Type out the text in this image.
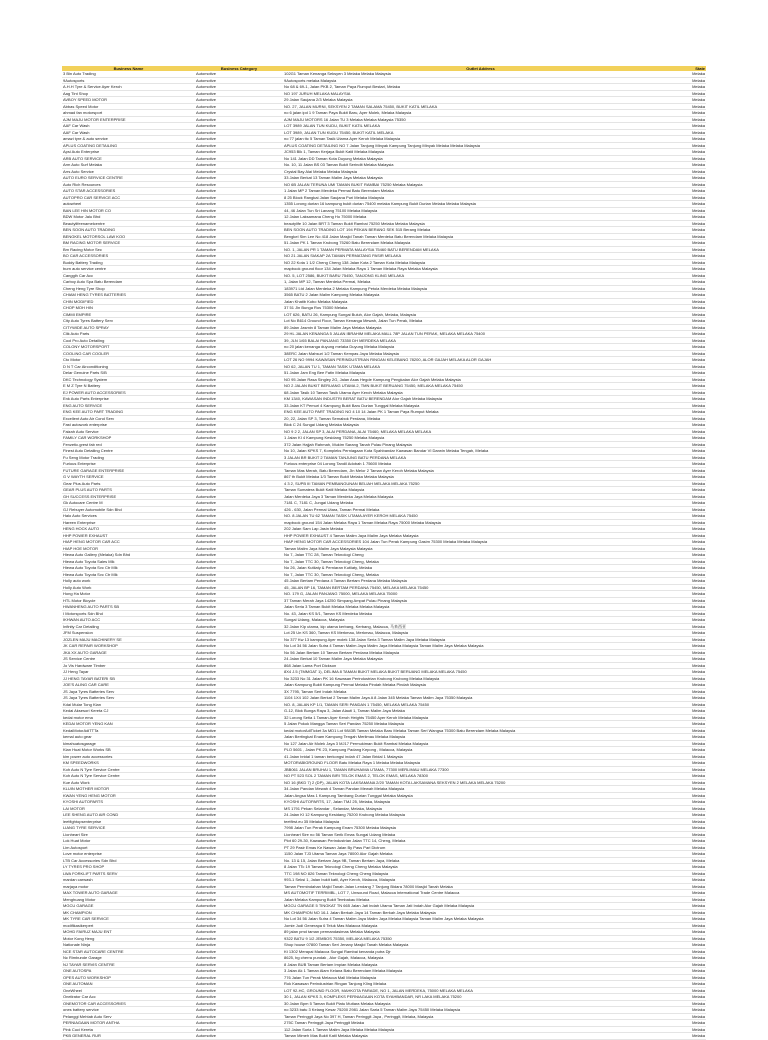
Business Name	Business Category	Outlet Address	State
3 Bin Auto Trading	Automotive	102G1 Taman Kenanga Seksyen 3 Melaka Melaka Malaysia	Melaka
9Autosports	Automotive	9Autosports melaka Malaysia	Melaka
A.H.H Tyre & Service Ayer Keroh	Automotive	No 68 & 69-1, Jalan PKB 2, Taman Paya Rumput Bestari, Melaka	Melaka
Aag Tint Shop	Automotive	NO 197 JURUH MELAKA MALAYSIA	Melaka
AVBOY SPEED MOTOR	Automotive	29 Jalan Saujana 2/3 Melaka Malaysia	Melaka
Abbas Speed Motor	Automotive	NO. 27, JALAN MURNI, SEKSYEN 2 TAMAN SALAMA 75450, BUKIT KATIL MELAKA	Melaka
ahmad fan motorsport	Automotive	no 6 jalan ipd 1 9 Taman Paya Bukit Baru, Ayer Molek, Melaka Malaysia	Melaka
AJM MAJU MOTOR ENTERPRISE	Automotive	AJM MAJU MOTORS 16 Jalan TU 3 Melaka Melaka Malaysia 75350	Melaka
AAF Car Wash	Automotive	LOT 3989 JALAN TUN KUDU, BUKIT KATIL MELAKA	Melaka
AAF Car Wash	Automotive	LOT 3989, JALAN TUN KUDU 75450, BUKIT KATIL MELAKA	Melaka
amazi tyre & auto service	Automotive	no 77 jalan ttc 5 Taman Tasik Utama Ayer Keroh Melaka Malaysia	Melaka
APLUS COATING DETAILING	Automotive	APLUS COATING DETAILING NO 7 Jalan Tanjung Minyak Kampung Tanjung Minyak Melaka Melaka Malaysia	Melaka
Apsi Auto Enterprise	Automotive	JC953 Blk 1, Taman Kerjaya Bukit Katil Melaka Malaysia	Melaka
ARB AUTO SERVICE	Automotive	No 141 Jalan DD Taman Kota Duyung Melaka Malaysia	Melaka
Arm Auto Surf Melaka	Automotive	No. 10, 11 Jalan BS 03 Taman Bukit Serindit Melaka Malaysia	Melaka
Arrs Auto Service	Automotive	Crystal Bay Alai Melaka Melaka Malaysia	Melaka
AUTO EURO SERVICE CENTRE	Automotive	33 Jalan Berkat 13 Taman Malim Jaya Melaka Malaysia	Melaka
Auto Rich Resources	Automotive	NO 6B JALAN TERUNA UMI TAMAN BUKIT RAMBAI 75250 Melaka Malaysia	Melaka
AUTO STAR ACCESSORIES	Automotive	1 Jalan MP 2 Taman Merdeka Permai Batu Berendam Melaka	Melaka
AUTOPRO CAR SERVICE ACC	Automotive	8 25 Block Rangkai Jalan Saujana Puri Melaka Malaysia	Melaka
autowheel	Automotive	1355 Lorong durian 16 kampung bukit durian 75400 melaka Kampung Bukit Durian Melaka Melaka Malaysia	Melaka
BAN LEE HIN MOTOR CO	Automotive	44, 46 Jalan Tun Sri Lanang 75100 Melaka Malaysia	Melaka
BDW Motor Jalu Bhd	Automotive	12 Jalan Laksamana Cheng Ho 75000 Melaka	Melaka
Beautylifeenamelcentre	Automotive	beautylife 10 Jalan BRT 3 Taman Bukit Rambai 75250 Melaka Melaka Malaysia	Melaka
BEN SOON AUTO TRADING	Automotive	BEN SOON AUTO TRADING LOT 194 PEKAN BERANG SEK 515 Berang Melaka	Melaka
BENGKEL MOTORSOL LAW KOO	Automotive	Bengkel Sim Lee No 418 Jalan Masjid Tanah Taman Merdeka Batu Berendam Melaka Malaysia	Melaka
BM RACING MOTOR SERVICE	Automotive	51 Jalan PK 1 Taman Krubong 75260 Batu Berendam Melaka Malaysia	Melaka
Bm Racing Motor Sec	Automotive	NO. 1, JALAN PR 1 TAMAN PERMATA MALAYSIA 75460 BATU BERENDAM MELAKA	Melaka
BO CAR ACCESSORIES	Automotive	NO 21 JALAN SIAKAP 2A TAMAN PERMATANG PASIR MELAKA	Melaka
Buddy Battery Trading	Automotive	NO 22 Kota 1 1/2 Cheng Cheng 138 Jalan Kota 2 Taman Kota Melaka Malaysia	Melaka
burn auto service centre	Automotive	mapbook ground floor 134 Jalan Melaka Raya 1 Taman Melaka Raya Melaka Malaysia	Melaka
Canggih Car Acc	Automotive	NO. 5, LOT 2586, BUKIT BARU 75450, TANJONG KLING MELAKA	Melaka
Carboy Auto Spa Batu Berendam	Automotive	1, Jalan MP 12, Taman Merdeka Permai, Melaka	Melaka
Cheng Heng Tyre Shop	Automotive	183971 Ltd Jalan Merdeka 2 Melaka Kampung Petola Merdeka Melaka Malaysia	Melaka
CHIAM HENG TYRES BATTERIES	Automotive	3565 BATU 2 Jalan Malim Kampong Melaka Malaysia	Melaka
CHIN MODIFIED	Automotive	Jalan Khatib Kobo Melaka Malaysia	Melaka
CHOP MOH HIN	Automotive	37 51 Jln Bunga Ros 75300 Melaka	Melaka
CIMMI EMPIRE	Automotive	LOT 626, BATU 26, Kampung Sungai Buluh, Alor Gajah, Melaka, Malaysia	Melaka
City Auto Tyres Battery Serv	Automotive	Lot No B614 Ground Floor, Taman Kenanga Mewah, Jalan Tun Perak, Melaka	Melaka
CITYWIDE AUTO SPRAY	Automotive	89 Jalan Jasmin 8 Taman Malim Jaya Melaka Malaysia	Melaka
Clik Auto Parts	Automotive	29 HL JALAN KENANGA 5 JALAN IBRAHIM MELAKA MALL 78P JALAN TUN PERAK, MELAKA MELAKA 75400	Melaka
Cool Pro Auto Detailing	Automotive	39, JLN 1/65 BALAI PANJANG 73350 DH MERDEKA MELAKA	Melaka
COLONY MOTORSPORT	Automotive	no 20 jalan kenanga duyung melaka Duyung Melaka Malaysia	Melaka
COOLING CAR COOLER	Automotive	38ERC Jalan Mahsuri 1/2 Taman Kempas Jaya Melaka Malaysia	Melaka
Cto Motor	Automotive	LOT 26 NO 9994 KAWASAN PERINDUSTRIAN RINGAN KELEBANG 78200, ALOR GAJAH MELAKA ALOR GAJAH	Melaka
D N T Car Airconditioning	Automotive	NO 62, JALAN TU 1, TAMAN TASIK UTAMA MELAKA	Melaka
Delar Genuine Parts S/B	Automotive	51 Jalan Jam Eng Bee Fatin Melaka Malaysia	Melaka
DKC Technology System	Automotive	NO 95 Jalan Rasa Singley 2G, Jalan Asas Hegde Kampung Pengkalan Alor Gajah Melaka Malaysia	Melaka
E M Z Tyre N Battery	Automotive	NO 2 JALAN BUKIT BERUANG UTAMA 2, TMN BUKIT BERUANG 75450, MELAKA MELAKA 75450	Melaka
EJ POWER AUTO ACCESSORIES	Automotive	68 Jalan Tasik 10 Taman Tasik Utama Ayer Keroh Melaka Malaysia	Melaka
Enk Auto Parts Enterprise	Automotive	KM 1340, KAWASAN INDUSTRI BERAT BATU BERENDAM Alor Gajah Melaka Malaysia	Melaka
ENG AUTO SERVICE	Automotive	33 Jalan KT Pemuri 4 Kampung Bukit Baru Durian Tunggal Melaka Malaysia	Melaka
ENG KEE AUTO PART TRADING	Automotive	ENG KEE AUTO PART TRADING NO 4 10 14 Jalan PK 1 Taman Paya Rumput Melaka	Melaka
Excellent Auto Air Cond Serv	Automotive	20, 22, Jalan SP 3, Taman Semabok Perdana, Melaka	Melaka
Fast autowork enterprise	Automotive	Blok C 24 Sungai Udang Melaka Malaysia	Melaka
Faizah Auto Service	Automotive	NO 9 2 2, JALAN SP 3, ALAI PERDANA, ALAI 75460, MELAKA MELAKA MELAKA	Melaka
FAMILY CAR WORKSHOP	Automotive	1 Jalan KI 4 Kampung Kesidang 75250 Melaka Malaysia	Melaka
Fenzetic.grest fab red	Automotive	372 Jalan Hajjah Rahmah, Mukim Sarang Tanah Pulau Pinang Malaysia	Melaka
Finest Auto Detailing Centre	Automotive	No 10, Jalan KPKS 7, Kompleks Perniagaan Kota Syahbandar Kawasan Bandar VI Darwin Melaka Tengah, Melaka	Melaka
Fu Seng Motor Trading	Automotive	3 JALAN BR BUKIT 2 TAMAN TANJUNG BATU PERDANA MELAKA	Melaka
Furious Enterprise	Automotive	Furious enterprise 04 Lorong Tandil Adobah 1 75600 Melaka	Melaka
FUTURE GARAGE ENTERPRISE	Automotive	Taman Mas Merah, Batu Berendam, Jln Melor 2 Taman Ayer Keroh Melaka Malaysia	Melaka
G V WAYTH SERVICE	Automotive	867 th Bukit Melaka 1/3 Taman Bukit Melaka Melaka Malaysia	Melaka
Gear Plus Auto Parts	Automotive	4 3 2, SUPB III TAMAN PEMBANGUNAN BELIAH MELAKA MELAKA 75250	Melaka
GEAR PLUS AUTO PARTS	Automotive	Taman Sumatera Bukit Katil Melaka Malaysia	Melaka
GH SUCCESS ENTERPRISE	Automotive	Jalan Merdeka Jaya 3 Taman Merdeka Jaya Melaka Malaysia	Melaka
Gk Autocare Centre M	Automotive	7181 C, 7181 C, Jungai Udang Melaka	Melaka
GJ Rebuyer Automobile Sdn Bhd	Automotive	426 - 630, Jalan Permai Utara, Taman Permai Melaka	Melaka
Halo Auto Services	Automotive	NO. 8 JALAN TU 62 TAMAN TASIK UTAMA AYER KEROH MELAKA 75450	Melaka
Hareen Enterprise	Automotive	mapbook ground 154 Jalan Melaka Raya 1 Taman Melaka Raya 75000 Melaka Malaysia	Melaka
HENG HOCK AUTO	Automotive	202 Jalan Sam Lap Jasin Melaka	Melaka
HHP POWER EXHAUST	Automotive	HHP POWER EXHAUST 4 Taman Malim Jaya Malim Jaya Melaka Malaysia	Melaka
HIAP HENG MOTOR CAR ACC	Automotive	HIAP HENG MOTOR CAR ACCESSORIES 104 Jalan Tun Perak Kampung Gasim 75300 Melaka Melaka Malaysia	Melaka
HIAP HOE MOTOR	Automotive	Taman Malim Jaya Malim Jaya Malaysia Malaysia	Melaka
Hiewa Auto Gallery (Melaka) Sdn Bhd	Automotive	No 7, Jalan TTC 28, Taman Teknologi Cheng	Melaka
Hiewa Auto Toyota Sales Mlk	Automotive	No 7, Jalan TTC 30, Taman Teknologi Cheng, Melaka	Melaka
Hiewa Auto Toyota Svc Ctr Mlk	Automotive	No 26, Jalan Kutiiaty & Perniaran Kutiiaty, Melaka	Melaka
Hiewa Auto Toyota Svc Ctr Mlk	Automotive	No 7, Jalan TTC 30, Taman Teknologi Cheng, Melaka	Melaka
Holly auto work	Automotive	45 Jalan Bertam Perdana 4 Taman Bertam Perdana Melaka Malaysia	Melaka
Holly Auto Work	Automotive	45, JALAN BP 16, TAMAN BERTAM PERDANA 75450, MELAKA MELAKA 75450	Melaka
Hong Ha Motor	Automotive	NO. 179 G, JALAN PANJANG 75000, MELAKA MELAKA 75000	Melaka
HTL Motor Bicycle	Automotive	37 Taman Merah Jaya 14250 Simpang Ampat Pulau Pinang Malaysia	Melaka
HWANHENG AUTO PARTS SB	Automotive	Jalan Seria 3 Taman Bukit Melaka Melaka Melaka Malaysia	Melaka
I Motorsports Sdn Bhd	Automotive	No. 43, Jalan KS 5/1, Taman KS Merdeka Melaka	Melaka
IKHWAN AUTO ACC	Automotive	Sungai Udang, Malacca, Malaysia	Melaka
Infinity Car Detailing	Automotive	32 Jalan Kip utama, kip utama kerbang, Kerbang, Malacca, 马来西亚	Melaka
JFM Suspension	Automotive	Lot 25 Un KS 360, Taman KS Merkmau, Merkmau, Malacca, Malaysia	Melaka
JOZLEN MAJU MACHINERY SE	Automotive	No 377 Kw 13 kampung Ayer molek 138 Jalan Seria 3 Taman Malim Jaya Melaka Malaysia	Melaka
JK CAR REPAIR WORKSHOP	Automotive	No Lot 34 56 Jalan Sutra 4 Taman Malim Jaya Malim Jaya Melaka Malaysia Taman Malim Jaya Melaka Malaysia	Melaka
JKA XX AUTO GARAGE	Automotive	No 56 Jalan Bertam 10 Taman Bertam Perdana Melaka Malaysia	Melaka
JS Service Centre	Automotive	24 Jalan Berkat 10 Taman Malim Jaya Melaka Malaysia	Melaka
Jo Vis Hardware Timber	Automotive	868 Jalan Lama Port Dickson	Melaka
JJ Heng Tayar	Automotive	8X4 J.5 (TMMGAT 1), DELIMA 8 TAMAN BUKIT MELAKA BUKIT BERUANG MELAKA MELAKA 75450	Melaka
JJ HENG TAYAR BATERI SB	Automotive	No 3233 No 31 Jalan PK 16 Kawasan Perindustrian Krubong Krubong Melaka Malaysia	Melaka
JOE'S ALING CAR CARE	Automotive	Jalan Kampung Bukti Kampung Permai Melaka Pindah Melaka Pindah Malaysia	Melaka
JS Jaya Tyres Batteries Serv	Automotive	3X 7795, Taman Seri Indah Melaka	Melaka
JS Jaya Tyres Batteries Serv	Automotive	1104 1X4 102 Jalan Berkat 2 Taman Malim Jaya A 8 Jalan 345 Melaka Taman Malim Jaya 75350 Malaysia	Melaka
Kdai Mular Tong Kian	Automotive	NO. 8, JALAN KP 1/1, TAMAN SERI PANDAN 1 75450, MELAKA MELAKA 75450	Melaka
Kedai Aksesori Kereta CJ	Automotive	G-12, Blok Bunga Raya 3, Jalan Alauti 1, Taman Malim Jaya Melaka	Melaka
kedai motor ema	Automotive	32 Lorong Setia 1 Taman Ayer Keroh Heights 75450 Ayer Keroh Melaka Malaysia	Melaka
KEDAI MOTOR YENG KAN	Automotive	5 Jalan Pokok Mangga Taman Seri Pandan 75250 Melaka Malaysia	Melaka
KedaiMotorAdiTTTa	Automotive	kedai motorAdiTicket 3a MD1 Lot 9843B Taman Melaka Baru Melaka Taman Seri Wangsa 75300 Batu Berendam Melaka Malaysia	Melaka
kemal auto gear	Automotive	Jalan Bertingkat Enam Kampung Tengah Merlimau Melaka Malaysia	Melaka
kimahuatosgarage	Automotive	No 127 Jalan Air Molek Jaya 3 MJ17 Permukiman Bukit Rambai Melaka Malaysia	Melaka
Kian Huat Motor Works SB	Automotive	PLO 5601 , Jalan PK 23, Kampung Padang Kepong , Malacca, Malaysia	Melaka
kim power auto accessories	Automotive	41 Jalan bridal 1 taman berkongsi indah 47 Jalan Bridal 1 Malaysia	Melaka
KM SPEEDWORKS	Automotive	MOTORABIGROUND FLOOR Batu Melaka Raya 1 Melaka Melaka Malaysia	Melaka
Koh Auto N Tyre Service Centre	Automotive	JBB061 JALAN BRUHAI 1, TAMAN BRUHAIMA UTAMA, 77300 MERLIMAU MELAKA 77300	Melaka
Koh Auto N Tyre Service Centre	Automotive	NO PT 523 SOL 2 TAMAN BIRI TELOK EMAS 2, TELOK EMAS, MELAKA 78300	Melaka
Kue Auto Work	Automotive	NO 16 (BKD 7) 2 (DP), JALAN KOTA LAKSAMANA 2/20 TAMAN KOTA LAKSAMANA SEKSYEN 2 MELAKA MELAKA 75200	Melaka
KLUIN MOTHER MOTOR	Automotive	34 Jalan Pandan Mewah 4 Taman Pandan Mewah Melaka Malaysia	Melaka
KWAN YENG HENG MOTOR	Automotive	Jalan Angsa Mas 1 Kampung Tambang Durian Tunggal Melaka Malaysia	Melaka
KYOSHI AUTOPARTS	Automotive	KYOSHI AUTOPARTS, 17, Jalan TMJ 25, Melaka, Malaysia	Melaka
LAI MOTOR	Automotive	MS 1791 Pekan Selandar , Selandar, Melaka, Malaysia	Melaka
LEE SHENG AUTO AIR COND	Automotive	24 Jalan KI 12 Kampung Kesidang 75200 Krubong Melaka Malaysia	Melaka
leetfightopsenterprise	Automotive	teetfirst.eu 35 Melaka Malaysia	Melaka
LIANG TYRE SERVICE	Automotive	7998 Jalan Tun Perak Kampung Enam 75300 Melaka Malaysia	Melaka
Lionheart Sire	Automotive	Lionheart Sire no 56 Taman Serik Emas Sungai Udang Melaka	Melaka
Lok Huat Motor	Automotive	Plot 60 29-30, Kawasan Perindustrian Jalan TTC 14, Cheng, Melaka	Melaka
Lim Autosport	Automotive	PT 29 Pasir Emas Ke Nawan Jalan By Pass Pari Dictrum	Melaka
Love motor enterprise	Automotive	1150 Jalan TJ3 Utama Taman Jaya 78000 Alor Gajah Melaka	Melaka
LTB Car Accessories Sdn Bhd	Automotive	No. 13 & 15, Jalan Bertam Jaya 9B, Taman Bertam Jaya, Melaka	Melaka
LY TYRES PRO SHOP	Automotive	8 Jalan TTc 19 Taman Teknologi Cheng Cheng Melaka Malaysia	Melaka
LWA FORKLIFT PARTS SERV	Automotive	TTC 198 NO 826 Taman Teknologi Cheng Cheng Malaysia	Melaka
mardan carwash	Automotive	993-1 Seksi 1, Jalan bukit katil, Ayer Keroh, Malacca, Malaysia	Melaka
marjaya motor	Automotive	Taman Permindahan Majid Tanah Jalan Lendang 7 Tanjung Bidara 78000 Masjid Tanah Melaka	Melaka
MAX TOWER AUTO GARAGE	Automotive	MS AUTOMOTIF TERRIMBL, LOT 7, Unwound Road, Malacca International Trade Centre Malacca	Melaka
Menghuang Motor	Automotive	Jalan Melaka Kampung Bukit Tembakau Melaka	Melaka
MGCU GARAGE	Automotive	MGCU GARAGE 5 TINGKAT TN 665 Jalan Jati Indah Utama Taman Jati Indah Alor Gajah Melaka Malaysia	Melaka
MK CHAMPION	Automotive	MK CHAMPION NO 16-1 Jalan Berkah Jaya 14 Taman Berkah Jaya Melaka Malaysia	Melaka
MK TYRE CAR SERVICE	Automotive	No Lot 34 56 Jalan Sutra 4 Taman Malim Jaya Malim Jaya Melaka Malaysia Taman Malim Jaya Melaka Malaysia	Melaka
modifikasikerpert	Automotive	Jomie Judi Generapa 6 Teluk Mas Malacca Malaysia	Melaka
MOHD FAIRUZ MAJU ENT	Automotive	89 jalan pmd taman permandasimas Melaka Malaysia	Melaka
Motor Kong Heng	Automotive	9322 BATU 9 1/2 JEMBOS 75350, MELAKA MELAKA 75350	Melaka
Nationale Ninja	Automotive	Shop house 07800 Taman Seri Jenany Masjid Tanah Melaka Malaysia	Melaka
NCE STAR AUTOCARE CENTRE	Automotive	Kt 1302 Merapai Malacca Sungai Rambai kenanda putra Djr	Melaka
Nc Rimbunde Garage	Automotive	8625, bg cherra pundak , Alor Gajah, Malacca, Malaysia	Melaka
NJ TAYAR SERVIS CENTRE	Automotive	8 Jalan BUB Taman Bertam Impian Melaka Malaysia	Melaka
ONE AUTOSPA	Automotive	3 Jalan Ak 1 Taman Alam Kelana Batu Berendam Melaka Malaysia	Melaka
OPES AUTO WORKSHOP	Automotive	776 Jalan Tun Perak Melacca Mall Melaka Malaysia	Melaka
ONE AUTOMAN	Automotive	Rok Kawasan Perindustrian Ringan Tanjong Kling Melaka	Melaka
OneWheel	Automotive	LOT 92-HC, GROUND FLOOR, MAHKOTA PARADE, NO 1, JALAN MERDEKA, 75000 MELAKA MELAKA	Melaka
Oneilrator Car Acc	Automotive	30 1, JALAN KPKS 3, KOMPLEKS PERNIAGAAN KOTA SYAHBANDAR, NR LAKA MELAKA 75200	Melaka
ONEMOTOR CAR ACCESSORIES	Automotive	30 Jalan Bpm 5 Taman Bukit Piatu Mutiara Melaka Malaysia	Melaka
ones battery service	Automotive	no 3233 batu 3 Kelang Kesar 75200 2981 Jalan Saria 5 Taman Malim Jaya 75450 Melaka Malaysia	Melaka
Pelanggi Mehtab Auto Serv	Automotive	Taman Peringgit Jaya No 397 H, Taman Peringgit Jaya , Peringgit, Melaka, Malaysia	Melaka
PERNIAGAAN MOTOR ANTHA	Automotive	275C Taman Peringgit Jaya Peringgit Melaka	Melaka
Pink Cuci Kereta	Automotive	112 Jalan Suria 1 Taman Malim Jaya Melaka Melaka Malaysia	Melaka
PKB GENERAL RUR	Automotive	Taman Mimeh Mas Bukit Katil Melaka Malaysia	Melaka
